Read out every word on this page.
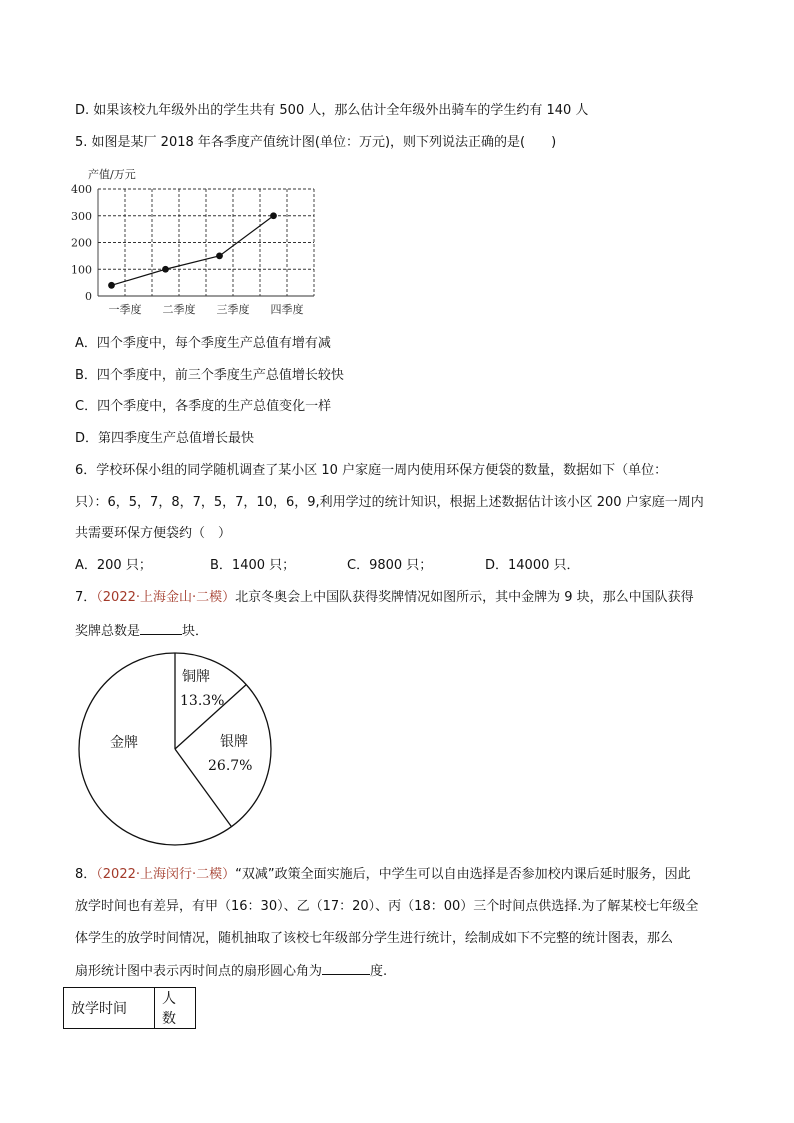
D. 如果该校九年级外出的学生共有 500 人，那么估计全年级外出骑车的学生约有 140 人
5. 如图是某厂 2018 年各季度产值统计图(单位：万元)，则下列说法正确的是(　　)
产值/万元
0
100
200
300
400
一季度 二季度 三季度 四季度
A．四个季度中，每个季度生产总值有增有减
B．四个季度中，前三个季度生产总值增长较快
C．四个季度中，各季度的生产总值变化一样
D．第四季度生产总值增长最快
6．学校环保小组的同学随机调查了某小区 10 户家庭一周内使用环保方便袋的数量，数据如下（单位：
只）：6，5，7，8，7，5，7，10，6，9,利用学过的统计知识，根据上述数据估计该小区 200 户家庭一周内
共需要环保方便袋约（　）
A．200 只；	B．1400 只；	C．9800 只；	D．14000 只．
7．（2022·上海金山·二模）北京冬奥会上中国队获得奖牌情况如图所示，其中金牌为 9 块，那么中国队获得
奖牌总数是	块．
金牌	银牌
26.7%
铜牌
13.3%
8．（2022·上海闵行·二模）“双减”政策全面实施后，中学生可以自由选择是否参加校内课后延时服务，因此
放学时间也有差异，有甲（16：30）、乙（17：20）、丙（18：00）三个时间点供选择.为了解某校七年级全
体学生的放学时间情况，随机抽取了该校七年级部分学生进行统计，绘制成如下不完整的统计图表，那么
扇形统计图中表示丙时间点的扇形圆心角为	度.
放学时间	人数
